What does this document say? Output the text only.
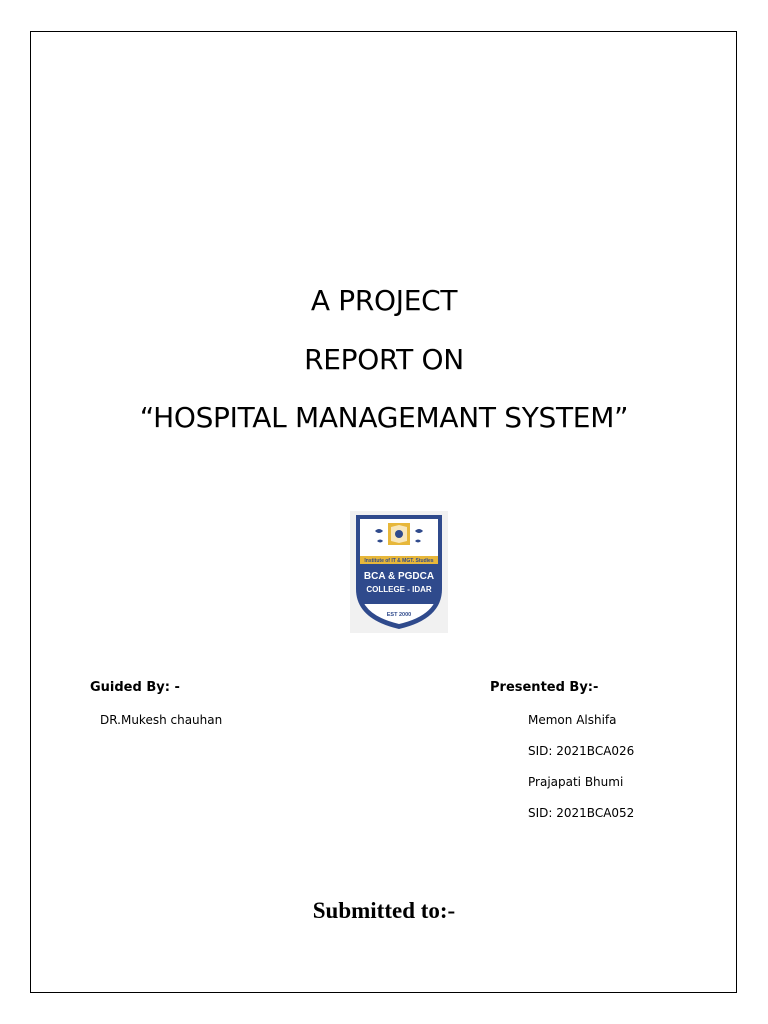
A PROJECT
REPORT ON
“HOSPITAL MANAGEMANT SYSTEM”
Institute of IT & MGT. Studies
BCA & PGDCA
COLLEGE - IDAR
EST 2000
Guided By: -
DR.Mukesh chauhan
Presented By:-
Memon Alshifa
SID: 2021BCA026
Prajapati Bhumi
SID: 2021BCA052
Submitted to:-
